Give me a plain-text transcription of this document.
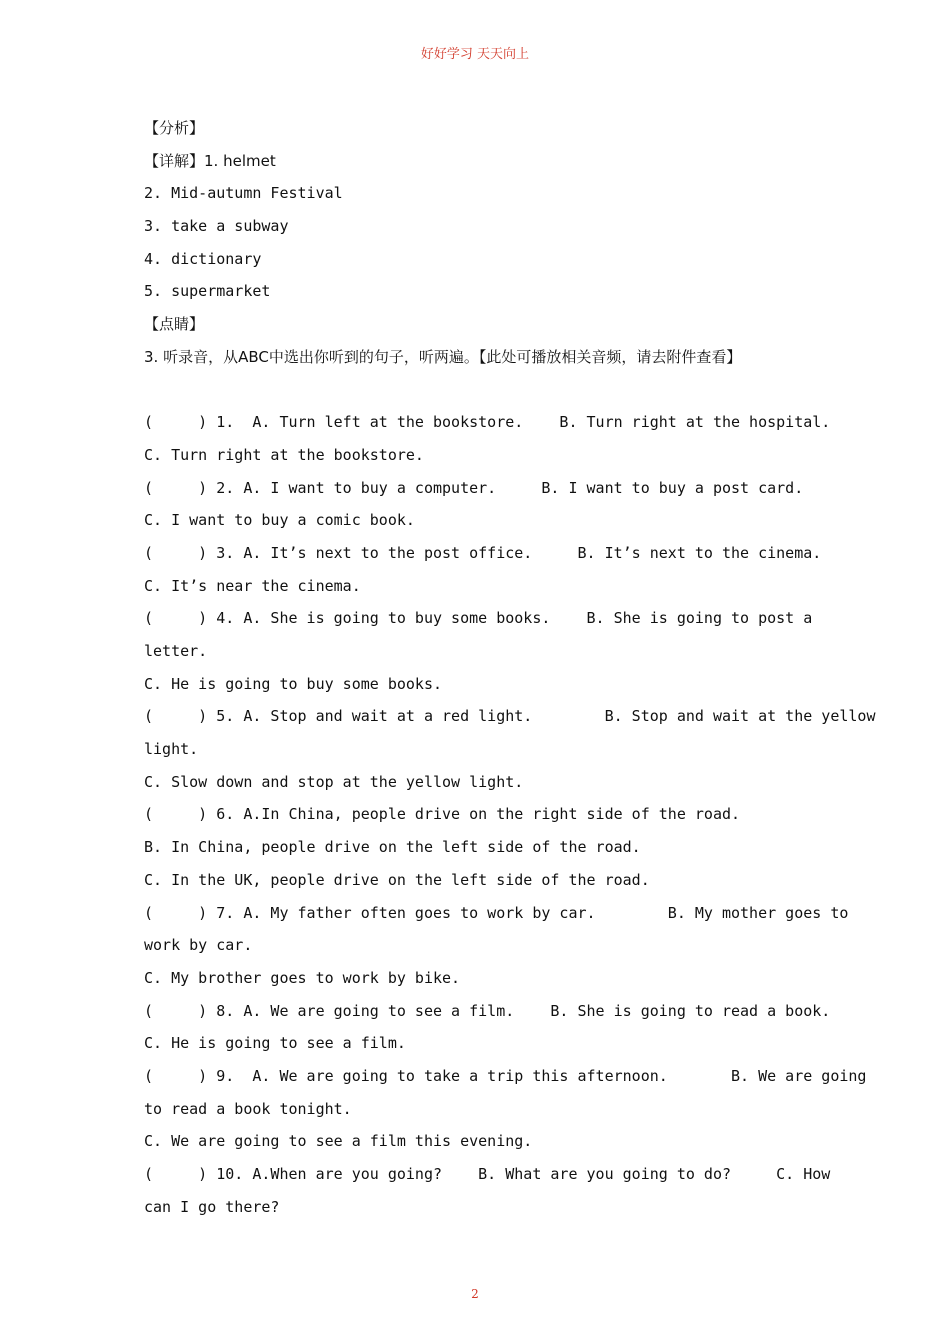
好好学习 天天向上
【分析】
【详解】1. helmet
2. Mid-autumn Festival
3. take a subway
4. dictionary
5. supermarket
【点睛】
3. 听录音，从ABC中选出你听到的句子，听两遍。【此处可播放相关音频，请去附件查看】
(     ) 1.  A. Turn left at the bookstore.    B. Turn right at the hospital.
C. Turn right at the bookstore.
(     ) 2. A. I want to buy a computer.     B. I want to buy a post card.
C. I want to buy a comic book.
(     ) 3. A. It’s next to the post office.     B. It’s next to the cinema.
C. It’s near the cinema.
(     ) 4. A. She is going to buy some books.    B. She is going to post a
letter.
C. He is going to buy some books.
(     ) 5. A. Stop and wait at a red light.        B. Stop and wait at the yellow
light.
C. Slow down and stop at the yellow light.
(     ) 6. A.In China, people drive on the right side of the road.
B. In China, people drive on the left side of the road.
C. In the UK, people drive on the left side of the road.
(     ) 7. A. My father often goes to work by car.        B. My mother goes to
work by car.
C. My brother goes to work by bike.
(     ) 8. A. We are going to see a film.    B. She is going to read a book.
C. He is going to see a film.
(     ) 9.  A. We are going to take a trip this afternoon.       B. We are going
to read a book tonight.
C. We are going to see a film this evening.
(     ) 10. A.When are you going?    B. What are you going to do?     C. How
can I go there?
2
